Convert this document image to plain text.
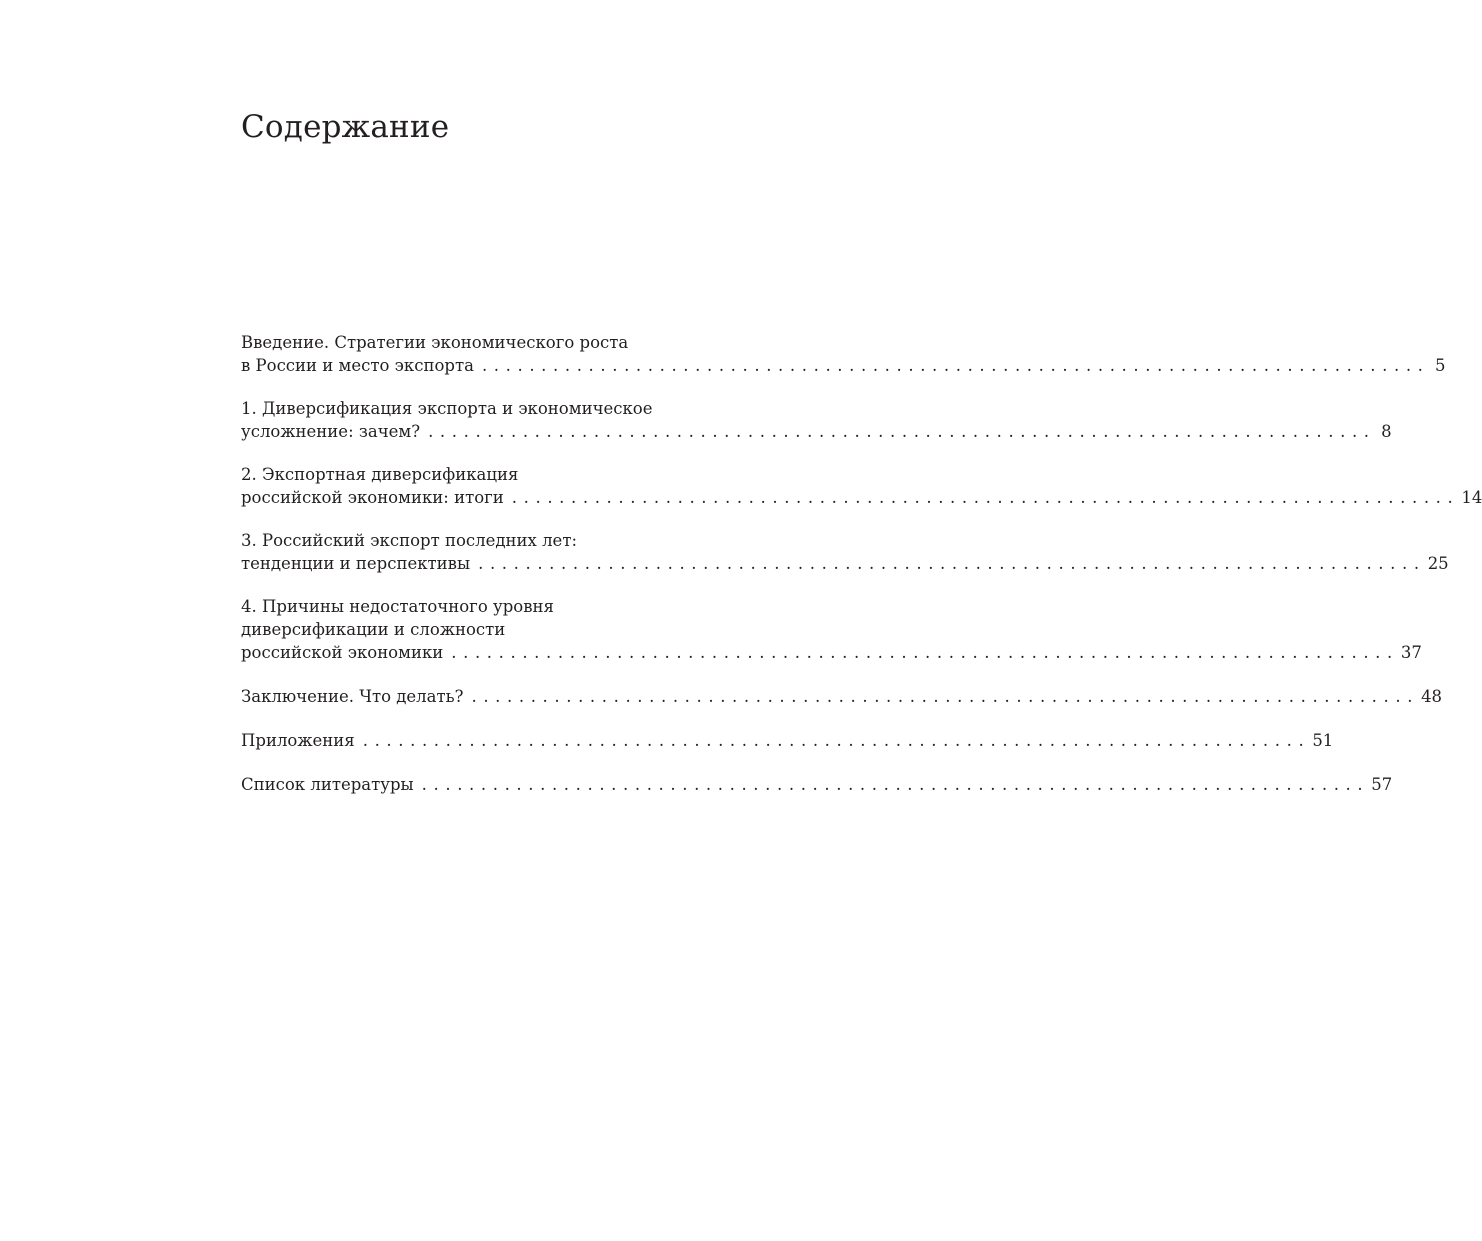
Содержание
Введение. Стратегии экономического роста
в России и место экспорта ................................................................................ 5
1. Диверсификация экспорта и экономическое
усложнение: зачем? ................................................................................ 8
2. Экспортная диверсификация
российской экономики: итоги ................................................................................ 14
3. Российский экспорт последних лет:
тенденции и перспективы ................................................................................ 25
4. Причины недостаточного уровня
диверсификации и сложности
российской экономики ................................................................................ 37
Заключение. Что делать? ................................................................................ 48
Приложения ................................................................................ 51
Список литературы ................................................................................ 57
